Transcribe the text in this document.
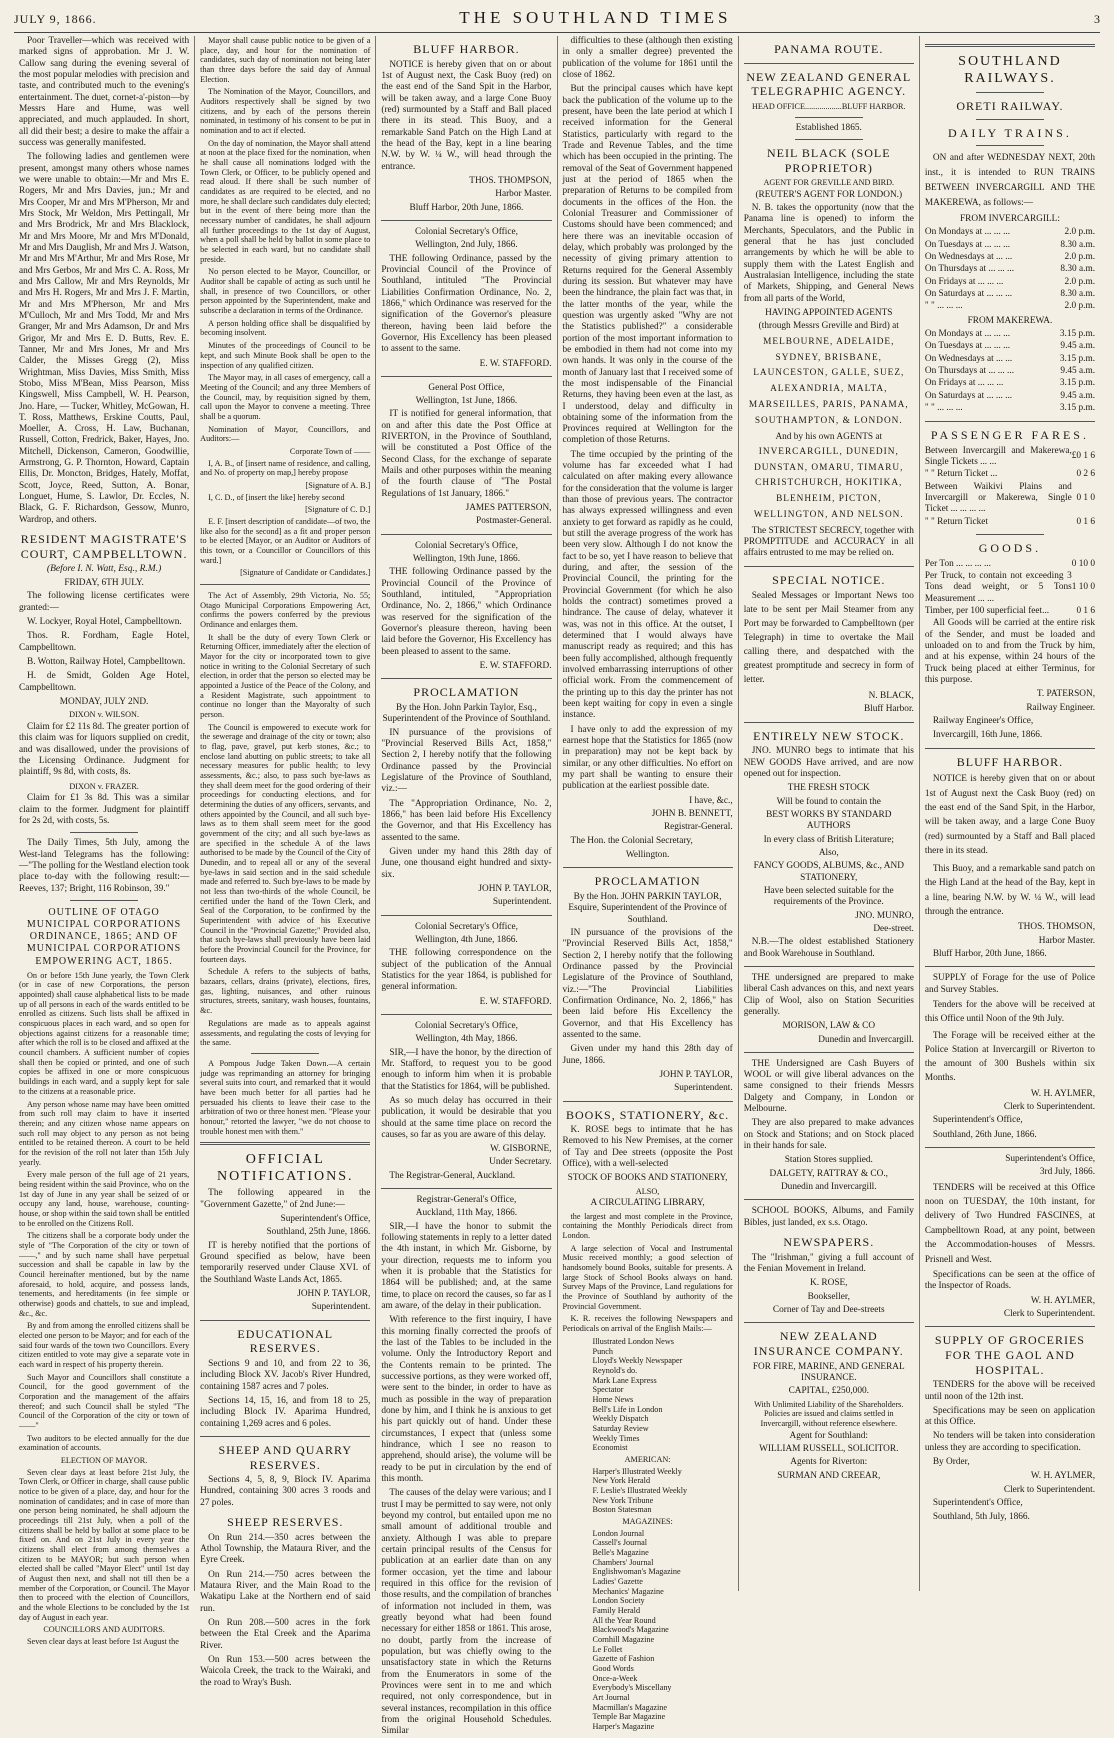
JULY 9, 1866.	THE SOUTHLAND TIMES	3

Poor Traveller—which was received with marked signs of approbation. Mr J. W. Callow sang during the evening several of the most popular melodies with precision and taste, and contributed much to the evening's entertainment. The duet, cornet-a'-piston—by Messrs Hare and Hume, was well appreciated, and much applauded. In short, all did their best; a desire to make the affair a success was generally manifested.

The following ladies and gentlemen were present, amongst many others whose names we were unable to obtain:—Mr and Mrs E. Rogers, Mr and Mrs Davies, jun.; Mr and Mrs Cooper, Mr and Mrs M'Pherson, Mr and Mrs Stock, Mr Weldon, Mrs Pettingall, Mr and Mrs Brodrick, Mr and Mrs Blacklock, Mr and Mrs Moore, Mr and Mrs M'Donald, Mr and Mrs Dauglish, Mr and Mrs J. Watson, Mr and Mrs M'Arthur, Mr and Mrs Rose, Mr and Mrs Gerbos, Mr and Mrs C. A. Ross, Mr and Mrs Callow, Mr and Mrs Reynolds, Mr and Mrs H. Rogers, Mr and Mrs J. F. Martin, Mr and Mrs M'Pherson, Mr and Mrs M'Culloch, Mr and Mrs Todd, Mr and Mrs Granger, Mr and Mrs Adamson, Dr and Mrs Grigor, Mr and Mrs E. D. Butts, Rev. E. Tanner, Mr and Mrs Jones, Mr and Mrs Calder, the Misses Gregg (2), Miss Wrightman, Miss Davies, Miss Smith, Miss Stobo, Miss M'Bean, Miss Pearson, Miss Kingswell, Miss Campbell, W. H. Pearson, Jno. Hare, — Tucker, Whitley, McGowan, H. T. Ross, Matthews, Erskine Coutts, Paul, Moeller, A. Cross, H. Law, Buchanan, Russell, Cotton, Fredrick, Baker, Hayes, Jno. Mitchell, Dickenson, Cameron, Goodwillie, Armstrong, G. P. Thornton, Howard, Captain Ellis, Dr. Moncton, Bridges, Hately, Moffat, Scott, Joyce, Reed, Sutton, A. Bonar, Longuet, Hume, S. Lawlor, Dr. Eccles, N. Black, G. F. Richardson, Gessow, Munro, Wardrop, and others.

RESIDENT MAGISTRATE'S COURT, CAMPBELLTOWN.
(Before I. N. Watt, Esq., R.M.)
FRIDAY, 6TH JULY.

The following license certificates were granted:—

W. Lockyer, Royal Hotel, Campbelltown.

Thos. R. Fordham, Eagle Hotel, Campbelltown.

B. Wotton, Railway Hotel, Campbelltown.

H. de Smidt, Golden Age Hotel, Campbelltown.

MONDAY, JULY 2ND.
DIXON v. WILSON.

Claim for £2 11s 8d. The greater portion of this claim was for liquors supplied on credit, and was disallowed, under the provisions of the Licensing Ordinance. Judgment for plaintiff, 9s 8d, with costs, 8s.

DIXON v. FRAZER.

Claim for £1 3s 8d. This was a similar claim to the former. Judgment for plaintiff for 2s 2d, with costs, 5s.

The Daily Times, 5th July, among the West-land Telegrams has the following:—"The polling for the Westland election took place to-day with the following result:—Reeves, 137; Bright, 116 Robinson, 39."

OUTLINE OF OTAGO MUNICIPAL CORPORATIONS ORDINANCE, 1865; AND OF MUNICIPAL CORPORATIONS EMPOWERING ACT, 1865.

On or before 15th June yearly, the Town Clerk (or in case of new Corporations, the person appointed) shall cause alphabetical lists to be made up of all persons in each of the wards entitled to be enrolled as citizens. Such lists shall be affixed in conspicuous places in each ward, and so open for objections against citizens for a reasonable time; after which the roll is to be closed and affixed at the council chambers. A sufficient number of copies shall then be copied or printed, and one of such copies be affixed in one or more conspicuous buildings in each ward, and a supply kept for sale to the citizens at a reasonable price.

Any person whose name may have been omitted from such roll may claim to have it inserted therein; and any citizen whose name appears on such roll may object to any person as not being entitled to be retained thereon. A court to be held for the revision of the roll not later than 15th July yearly.

Every male person of the full age of 21 years, being resident within the said Province, who on the 1st day of June in any year shall be seized of or occupy any land, house, warehouse, counting-house, or shop within the said town shall be entitled to be enrolled on the Citizens Roll.

The citizens shall be a corporate body under the style of "The Corporation of the city or town of ——," and by such name shall have perpetual succession and shall be capable in law by the Council hereinafter mentioned, but by the name aforesaid, to hold, acquire, and possess lands, tenements, and hereditaments (in fee simple or otherwise) goods and chattels, to sue and implead, &c., &c.

By and from among the enrolled citizens shall be elected one person to be Mayor; and for each of the said four wards of the town two Councillors. Every citizen entitled to vote may give a separate vote in each ward in respect of his property therein.

Such Mayor and Councillors shall constitute a Council, for the good government of the Corporation and the management of the affairs thereof; and such Council shall be styled "The Council of the Corporation of the city or town of ——"

Two auditors to be elected annually for the due examination of accounts.

ELECTION OF MAYOR.

Seven clear days at least before 21st July, the Town Clerk, or Officer in charge, shall cause public notice to be given of a place, day, and hour for the nomination of candidates; and in case of more than one person being nominated, he shall adjourn the proceedings till 21st July, when a poll of the citizens shall be held by ballot at some place to be fixed on. And on 21st July in every year the citizens shall elect from among themselves a citizen to be MAYOR; but such person when elected shall be called "Mayor Elect" until 1st day of August then next, and shall not till then be a member of the Corporation, or Council. The Mayor then to proceed with the election of Councillors, and the whole Elections to be concluded by the 1st day of August in each year.

COUNCILLORS AND AUDITORS.

Seven clear days at least before 1st August the

Mayor shall cause public notice to be given of a place, day, and hour for the nomination of candidates, such day of nomination not being later than three days before the said day of Annual Election.

The Nomination of the Mayor, Councillors, and Auditors respectively shall be signed by two citizens, and by each of the persons therein nominated, in testimony of his consent to be put in nomination and to act if elected.

On the day of nomination, the Mayor shall attend at noon at the place fixed for the nomination, when he shall cause all nominations lodged with the Town Clerk, or Officer, to be publicly opened and read aloud. If there shall be such number of candidates as are required to be elected, and no more, he shall declare such candidates duly elected; but in the event of there being more than the necessary number of candidates, he shall adjourn all further proceedings to the 1st day of August, when a poll shall be held by ballot in some place to be selected in each ward, but no candidate shall preside.

No person elected to be Mayor, Councillor, or Auditor shall be capable of acting as such until he shall, in presence of two Councillors, or other person appointed by the Superintendent, make and subscribe a declaration in terms of the Ordinance.

A person holding office shall be disqualified by becoming insolvent.

Minutes of the proceedings of Council to be kept, and such Minute Book shall be open to the inspection of any qualified citizen.

The Mayor may, in all cases of emergency, call a Meeting of the Council; and any three Members of the Council, may, by requisition signed by them, call upon the Mayor to convene a meeting. Three shall be a quorum.

Nomination of Mayor, Councillors, and Auditors:—

Corporate Town of ——

I, A. B., of [insert name of residence, and calling, and No. of property on map,] hereby propose

[Signature of A. B.]

I, C. D., of [insert the like] hereby second

[Signature of C. D.]

E. F. [insert description of candidate—of two, the like also for the second] as a fit and proper person to be elected [Mayor, or an Auditor or Auditors of this town, or a Councillor or Councillors of this ward.]

[Signature of Candidate or Candidates.]

The Act of Assembly, 29th Victoria, No. 55; Otago Municipal Corporations Empowering Act, confirms the powers conferred by the previous Ordinance and enlarges them.

It shall be the duty of every Town Clerk or Returning Officer, immediately after the election of Mayor for the city or incorporated town to give notice in writing to the Colonial Secretary of such election, in order that the person so elected may be appointed a Justice of the Peace of the Colony, and a Resident Magistrate, such appointment to continue no longer than the Mayoralty of such person.

The Council is empowered to execute work for the sewerage and drainage of the city or town; also to flag, pave, gravel, put kerb stones, &c.; to enclose land abutting on public streets; to take all necessary measures for public health; to levy assessments, &c.; also, to pass such bye-laws as they shall deem meet for the good ordering of their proceedings for conducting elections, and for determining the duties of any officers, servants, and others appointed by the Council, and all such bye-laws as to them shall seem meet for the good government of the city; and all such bye-laws as are specified in the schedule A of the laws authorised to be made by the Council of the City of Dunedin, and to repeal all or any of the several bye-laws in said section and in the said schedule made and referred to. Such bye-laws to be made by not less than two-thirds of the whole Council, be certified under the hand of the Town Clerk, and Seal of the Corporation, to be confirmed by the Superintendent with advice of his Executive Council in the "Provincial Gazette;" Provided also, that such bye-laws shall previously have been laid before the Provincial Council for the Province, for fourteen days.

Schedule A refers to the subjects of baths, bazaars, cellars, drains (private), elections, fires, gas, lighting, nuisances, and other ruinous structures, streets, sanitary, wash houses, fountains, &c.

Regulations are made as to appeals against assessments, and regulating the costs of levying for the same.

A Pompous Judge Taken Down.—A certain judge was reprimanding an attorney for bringing several suits into court, and remarked that it would have been much better for all parties had he persuaded his clients to leave their case to the arbitration of two or three honest men. "Please your honour," retorted the lawyer, "we do not choose to trouble honest men with them."

OFFICIAL NOTIFICATIONS.

The following appeared in the "Government Gazette," of 2nd June:—

Superintendent's Office,
Southland, 25th June, 1866.

IT is hereby notified that the portions of Ground specified as below, have been temporarily reserved under Clause XVI. of the Southland Waste Lands Act, 1865.

JOHN P. TAYLOR,
Superintendent.
EDUCATIONAL RESERVES.

Sections 9 and 10, and from 22 to 36, including Block XV. Jacob's River Hundred, containing 1587 acres and 7 poles.

Sections 14, 15, 16, and from 18 to 25, including Block IV. Aparima Hundred, containing 1,269 acres and 6 poles.

SHEEP AND QUARRY RESERVES.

Sections 4, 5, 8, 9, Block IV. Aparima Hundred, containing 300 acres 3 roods and 27 poles.

SHEEP RESERVES.

On Run 214.—350 acres between the Athol Township, the Mataura River, and the Eyre Creek.

On Run 214.—750 acres between the Mataura River, and the Main Road to the Wakatipu Lake at the Northern end of said run.

On Run 208.—500 acres in the fork between the Etal Creek and the Aparima River.

On Run 153.—500 acres between the Waicola Creek, the track to the Wairaki, and the road to Wray's Bush.

BLUFF HARBOR.

NOTICE is hereby given that on or about 1st of August next, the Cask Buoy (red) on the east end of the Sand Spit in the Harbor, will be taken away, and a large Cone Buoy (red) surmounted by a Staff and Ball placed there in its stead. This Buoy, and a remarkable Sand Patch on the High Land at the head of the Bay, kept in a line bearing N.W. by W. ¼ W., will head through the entrance.

THOS. THOMPSON,
Harbor Master.
Bluff Harbor, 20th June, 1866.
Colonial Secretary's Office,
Wellington, 2nd July, 1866.

THE following Ordinance, passed by the Provincial Council of the Province of Southland, intituled "The Provincial Liabilities Confirmation Ordinance, No. 2, 1866," which Ordinance was reserved for the signification of the Governor's pleasure thereon, having been laid before the Governor, His Excellency has been pleased to assent to the same.

E. W. STAFFORD.
General Post Office,
Wellington, 1st June, 1866.

IT is notified for general information, that on and after this date the Post Office at RIVERTON, in the Province of Southland, will be constituted a Post Office of the Second Class, for the exchange of separate Mails and other purposes within the meaning of the fourth clause of "The Postal Regulations of 1st January, 1866."

JAMES PATTERSON,
Postmaster-General.
Colonial Secretary's Office,
Wellington, 19th June, 1866.

THE following Ordinance passed by the Provincial Council of the Province of Southland, intituled, "Appropriation Ordinance, No. 2, 1866," which Ordinance was reserved for the signification of the Governor's pleasure thereon, having been laid before the Governor, His Excellency has been pleased to assent to the same.

E. W. STAFFORD.
PROCLAMATION
By the Hon. John Parkin Taylor, Esq., Superintendent of the Province of Southland.

IN pursuance of the provisions of "Provincial Reserved Bills Act, 1858," Section 2, I hereby notify that the following Ordinance passed by the Provincial Legislature of the Province of Southland, viz.:—

The "Appropriation Ordinance, No. 2, 1866," has been laid before His Excellency the Governor, and that His Excellency has assented to the same.

Given under my hand this 28th day of June, one thousand eight hundred and sixty-six.

JOHN P. TAYLOR,
Superintendent.
Colonial Secretary's Office,
Wellington, 4th June, 1866.

THE following correspondence on the subject of the publication of the Annual Statistics for the year 1864, is published for general information.

E. W. STAFFORD.
Colonial Secretary's Office,
Wellington, 4th May, 1866.

SIR,—I have the honor, by the direction of Mr. Stafford, to request you to be good enough to inform him when it is probable that the Statistics for 1864, will be published.

As so much delay has occurred in their publication, it would be desirable that you should at the same time place on record the causes, so far as you are aware of this delay.

W. GISBORNE,
Under Secretary.

The Registrar-General, Auckland.

Registrar-General's Office,
Auckland, 11th May, 1866.

SIR,—I have the honor to submit the following statements in reply to a letter dated the 4th instant, in which Mr. Gisborne, by your direction, requests me to inform you when it is probable that the Statistics for 1864 will be published; and, at the same time, to place on record the causes, so far as I am aware, of the delay in their publication.

With reference to the first inquiry, I have this morning finally corrected the proofs of the last of the Tables to be included in the volume. Only the Introductory Report and the Contents remain to be printed. The successive portions, as they were worked off, were sent to the binder, in order to have as much as possible in the way of preparation done by him, and I think he is anxious to get his part quickly out of hand. Under these circumstances, I expect that (unless some hindrance, which I see no reason to apprehend, should arise), the volume will be ready to be put in circulation by the end of this month.

The causes of the delay were various; and I trust I may be permitted to say were, not only beyond my control, but entailed upon me no small amount of additional trouble and anxiety. Although I was able to prepare certain principal results of the Census for publication at an earlier date than on any former occasion, yet the time and labour required in this office for the revision of those results, and the compilation of branches of information not included in them, was greatly beyond what had been found necessary for either 1858 or 1861. This arose, no doubt, partly from the increase of population, but was chiefly owing to the unsatisfactory state in which the Returns from the Enumerators in some of the Provinces were sent in to me and which required, not only correspondence, but in several instances, recompilation in this office from the original Household Schedules. Similar

difficulties to these (although then existing in only a smaller degree) prevented the publication of the volume for 1861 until the close of 1862.

But the principal causes which have kept back the publication of the volume up to the present, have been the late period at which I received information for the General Statistics, particularly with regard to the Trade and Revenue Tables, and the time which has been occupied in the printing. The removal of the Seat of Government happened just at the period of 1865 when the preparation of Returns to be compiled from documents in the offices of the Hon. the Colonial Treasurer and Commissioner of Customs should have been commenced; and here there was an inevitable occasion of delay, which probably was prolonged by the necessity of giving primary attention to Returns required for the General Assembly during its session. But whatever may have been the hindrance, the plain fact was that, in the latter months of the year, while the question was urgently asked "Why are not the Statistics published?" a considerable portion of the most important information to be embodied in them had not come into my own hands. It was only in the course of the month of January last that I received some of the most indispensable of the Financial Returns, they having been even at the last, as I understood, delay and difficulty in obtaining some of the information from the Provinces required at Wellington for the completion of those Returns.

The time occupied by the printing of the volume has far exceeded what I had calculated on after making every allowance for the consideration that the volume is larger than those of previous years. The contractor has always expressed willingness and even anxiety to get forward as rapidly as he could, but still the average progress of the work has been very slow. Although I do not know the fact to be so, yet I have reason to believe that during, and after, the session of the Provincial Council, the printing for the Provincial Government (for which he also holds the contract) sometimes proved a hindrance. The cause of delay, whatever it was, was not in this office. At the outset, I determined that I would always have manuscript ready as required; and this has been fully accomplished, although frequently involved embarrassing interruptions of other official work. From the commencement of the printing up to this day the printer has not been kept waiting for copy in even a single instance.

I have only to add the expression of my earnest hope that the Statistics for 1865 (now in preparation) may not be kept back by similar, or any other difficulties. No effort on my part shall be wanting to ensure their publication at the earliest possible date.

I have, &c.,
JOHN B. BENNETT,
Registrar-General.

The Hon. the Colonial Secretary,

Wellington.
PROCLAMATION
By the Hon. JOHN PARKIN TAYLOR, Esquire, Superintendent of the Province of Southland.

IN pursuance of the provisions of the "Provincial Reserved Bills Act, 1858," Section 2, I hereby notify that the following Ordinance passed by the Provincial Legislature of the Province of Southland, viz.:—"The Provincial Liabilities Confirmation Ordinance, No. 2, 1866," has been laid before His Excellency the Governor, and that His Excellency has assented to the same.

Given under my hand this 28th day of June, 1866.

JOHN P. TAYLOR,
Superintendent.
BOOKS, STATIONERY, &c.

K. ROSE begs to intimate that he has Removed to his New Premises, at the corner of Tay and Dee streets (opposite the Post Office), with a well-selected

STOCK OF BOOKS AND STATIONERY,
ALSO,
A CIRCULATING LIBRARY,

the largest and most complete in the Province, containing the Monthly Periodicals direct from London.

A large selection of Vocal and Instrumental Music received monthly; a good selection of handsomely bound Books, suitable for presents. A large Stock of School Books always on hand. Survey Maps of the Province, Land regulations for the Province of Southland by authority of the Provincial Government.

K. R. receives the following Newspapers and Periodicals on arrival of the English Mails:—

Illustrated London News
Punch
Lloyd's Weekly Newspaper
Reynold's do.
Mark Lane Express
Spectator
Home News
Bell's Life in London
Weekly Dispatch
Saturday Review
Weekly Times
Economist
AMERICAN:
Harper's Illustrated Weekly
New York Herald
F. Leslie's Illustrated Weekly
New York Tribune
Boston Statesman
MAGAZINES:
London Journal
Cassell's Journal
Belle's Magazine
Chambers' Journal
Englishwoman's Magazine
Ladies' Gazette
Mechanics' Magazine
London Society
Family Herald
All the Year Round
Blackwood's Magazine
Cornhill Magazine
Le Follet
Gazette of Fashion
Good Words
Once-a-Week
Everybody's Miscellany
Art Journal
Macmillan's Magazine
Temple Bar Magazine
Harper's Magazine
PANAMA ROUTE.
NEW ZEALAND GENERAL TELEGRAPHIC AGENCY.
HEAD OFFICE..................BLUFF HARBOR.
Established 1865.
NEIL BLACK (SOLE PROPRIETOR)
AGENT FOR GREVILLE AND BIRD.
(REUTER'S AGENT FOR LONDON.)

N. B. takes the opportunity (now that the Panama line is opened) to inform the Merchants, Speculators, and the Public in general that he has just concluded arrangements by which he will be able to supply them with the Latest English and Australasian Intelligence, including the state of Markets, Shipping, and General News from all parts of the World,

HAVING APPOINTED AGENTS
(through Messrs Greville and Bird) at
MELBOURNE, ADELAIDE, SYDNEY, BRISBANE, LAUNCESTON, GALLE, SUEZ, ALEXANDRIA, MALTA, MARSEILLES, PARIS, PANAMA, SOUTHAMPTON, & LONDON.
And by his own AGENTS at
INVERCARGILL, DUNEDIN, DUNSTAN, OMARU, TIMARU, CHRISTCHURCH, HOKITIKA, BLENHEIM, PICTON, WELLINGTON, AND NELSON.

The STRICTEST SECRECY, together with PROMPTITUDE and ACCURACY in all affairs entrusted to me may be relied on.

SPECIAL NOTICE.

Sealed Messages or Important News too late to be sent per Mail Steamer from any Port may be forwarded to Campbelltown (per Telegraph) in time to overtake the Mail calling there, and despatched with the greatest promptitude and secrecy in form of letter.

N. BLACK,
Bluff Harbor.
ENTIRELY NEW STOCK.

JNO. MUNRO begs to intimate that his NEW GOODS Have arrived, and are now opened out for inspection.

THE FRESH STOCK
Will be found to contain the
BEST WORKS BY STANDARD AUTHORS
In every class of British Literature;
Also,
FANCY GOODS, ALBUMS, &c., AND STATIONERY,
Have been selected suitable for the requirements of the Province.
JNO. MUNRO,
Dee-street.

N.B.—The oldest established Stationery and Book Warehouse in Southland.

THE undersigned are prepared to make liberal Cash advances on this, and next years Clip of Wool, also on Station Securities generally.

MORISON, LAW & CO
Dunedin and Invercargill.

THE Undersigned are Cash Buyers of WOOL or will give liberal advances on the same consigned to their friends Messrs Dalgety and Company, in London or Melbourne.

They are also prepared to make advances on Stock and Stations; and on Stock placed in their hands for sale.

Station Stores supplied.
DALGETY, RATTRAY & CO.,
Dunedin and Invercargill.

SCHOOL BOOKS, Albums, and Family Bibles, just landed, ex s.s. Otago.

NEWSPAPERS.

The "Irishman," giving a full account of the Fenian Movement in Ireland.

K. ROSE,
Bookseller,
Corner of Tay and Dee-streets
NEW ZEALAND INSURANCE COMPANY.
FOR FIRE, MARINE, AND GENERAL INSURANCE.
CAPITAL, £250,000.
With Unlimited Liability of the Shareholders. Policies are issued and claims settled in Invercargill, without reference elsewhere.
Agent for Southland:
WILLIAM RUSSELL, SOLICITOR.
Agents for Riverton:
SURMAN AND CREEAR,
SOUTHLAND RAILWAYS.
ORETI RAILWAY.
DAILY TRAINS.

ON and after WEDNESDAY NEXT, 20th inst., it is intended to RUN TRAINS BETWEEN INVERCARGILL AND THE MAKEREWA, as follows:—

FROM INVERCARGILL:
On Mondays at ... ... ...	2.0 p.m.
On Tuesdays at ... ... ...	8.30 a.m.
On Wednesdays at ... ...	2.0 p.m.
On Thursdays at ... ... ...	8.30 a.m.
On Fridays at ... ... ...	2.0 p.m.
On Saturdays at ... ... ...	8.30 a.m.
" " ... ... ...	2.0 p.m.
FROM MAKEREWA.
On Mondays at ... ... ...	3.15 p.m.
On Tuesdays at ... ... ...	9.45 a.m.
On Wednesdays at ... ...	3.15 p.m.
On Thursdays at ... ... ...	9.45 a.m.
On Fridays at ... ... ...	3.15 p.m.
On Saturdays at ... ... ...	9.45 a.m.
" " ... ... ...	3.15 p.m.
PASSENGER FARES.
Between Invercargill and Makerewa, Single Tickets ... ...	£0 1 6
" " Return Ticket ...	0 2 6
Between Waikivi Plains and Invercargill or Makerewa, Single Ticket ... ... ... ...	0 1 0
" " Return Ticket	0 1 6
GOODS.
Per Ton ... ... ... ...	0 10 0
Per Truck, to contain not exceeding 3 Tons dead weight, or 5 Tons Measurement ... ...	1 10 0
Timber, per 100 superficial feet...	0 1 6

All Goods will be carried at the entire risk of the Sender, and must be loaded and unloaded on to and from the Truck by him, and at his expense, within 24 hours of the Truck being placed at either Terminus, for this purpose.

T. PATERSON,
Railway Engineer.

Railway Engineer's Office,

Invercargill, 16th June, 1866.

BLUFF HARBOR.

NOTICE is hereby given that on or about 1st of August next the Cask Buoy (red) on the east end of the Sand Spit, in the Harbor, will be taken away, and a large Cone Buoy (red) surmounted by a Staff and Ball placed there in its stead.

This Buoy, and a remarkable sand patch on the High Land at the head of the Bay, kept in a line, bearing N.W. by W. ¼ W., will lead through the entrance.

THOS. THOMSON,
Harbor Master.

Bluff Harbor, 20th June, 1866.

SUPPLY of Forage for the use of Police and Survey Stables.

Tenders for the above will be received at this Office until Noon of the 9th July.

The Forage will be received either at the Police Station at Invercargill or Riverton to the amount of 300 Bushels within six Months.

W. H. AYLMER,
Clerk to Superintendent.

Superintendent's Office,

Southland, 26th June, 1866.

Superintendent's Office,
3rd July, 1866.

TENDERS will be received at this Office noon on TUESDAY, the 10th instant, for delivery of Two Hundred FASCINES, at Campbelltown Road, at any point, between the Accommodation-houses of Messrs. Prisnell and West.

Specifications can be seen at the office of the Inspector of Roads.

W. H. AYLMER,
Clerk to Superintendent.
SUPPLY OF GROCERIES FOR THE GAOL AND HOSPITAL.

TENDERS for the above will be received until noon of the 12th inst.

Specifications may be seen on application at this Office.

No tenders will be taken into consideration unless they are according to specification.

By Order,

W. H. AYLMER,
Clerk to Superintendent.

Superintendent's Office,

Southland, 5th July, 1866.
